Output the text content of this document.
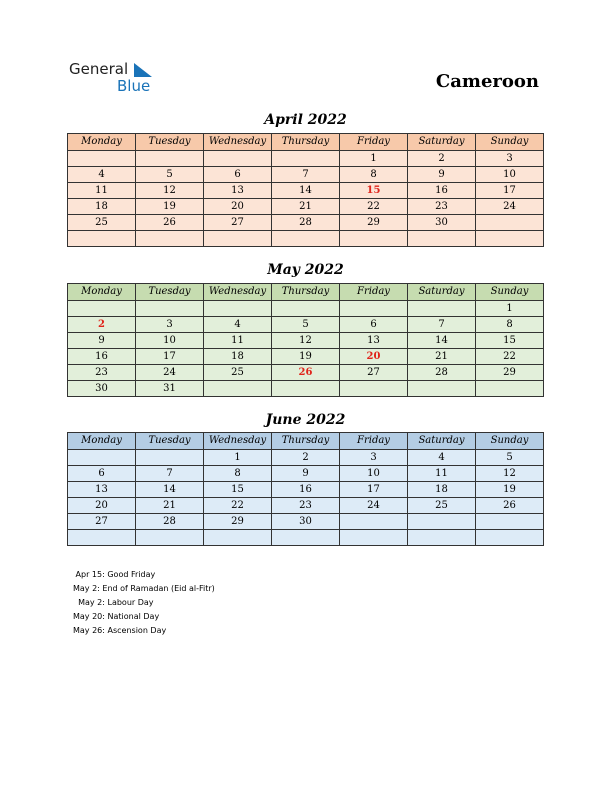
General
Blue	Cameroon
April 2022
Monday	Tuesday	Wednesday	Thursday	Friday	Saturday	Sunday
				1	2	3
4	5	6	7	8	9	10
11	12	13	14	15	16	17
18	19	20	21	22	23	24
25	26	27	28	29	30	

May 2022
Monday	Tuesday	Wednesday	Thursday	Friday	Saturday	Sunday
						1
2	3	4	5	6	7	8
9	10	11	12	13	14	15
16	17	18	19	20	21	22
23	24	25	26	27	28	29
30	31					
June 2022
Monday	Tuesday	Wednesday	Thursday	Friday	Saturday	Sunday
		1	2	3	4	5
6	7	8	9	10	11	12
13	14	15	16	17	18	19
20	21	22	23	24	25	26
27	28	29	30			

Apr 15: Good Friday
May 2: End of Ramadan (Eid al-Fitr)
May 2: Labour Day
May 20: National Day
May 26: Ascension Day
